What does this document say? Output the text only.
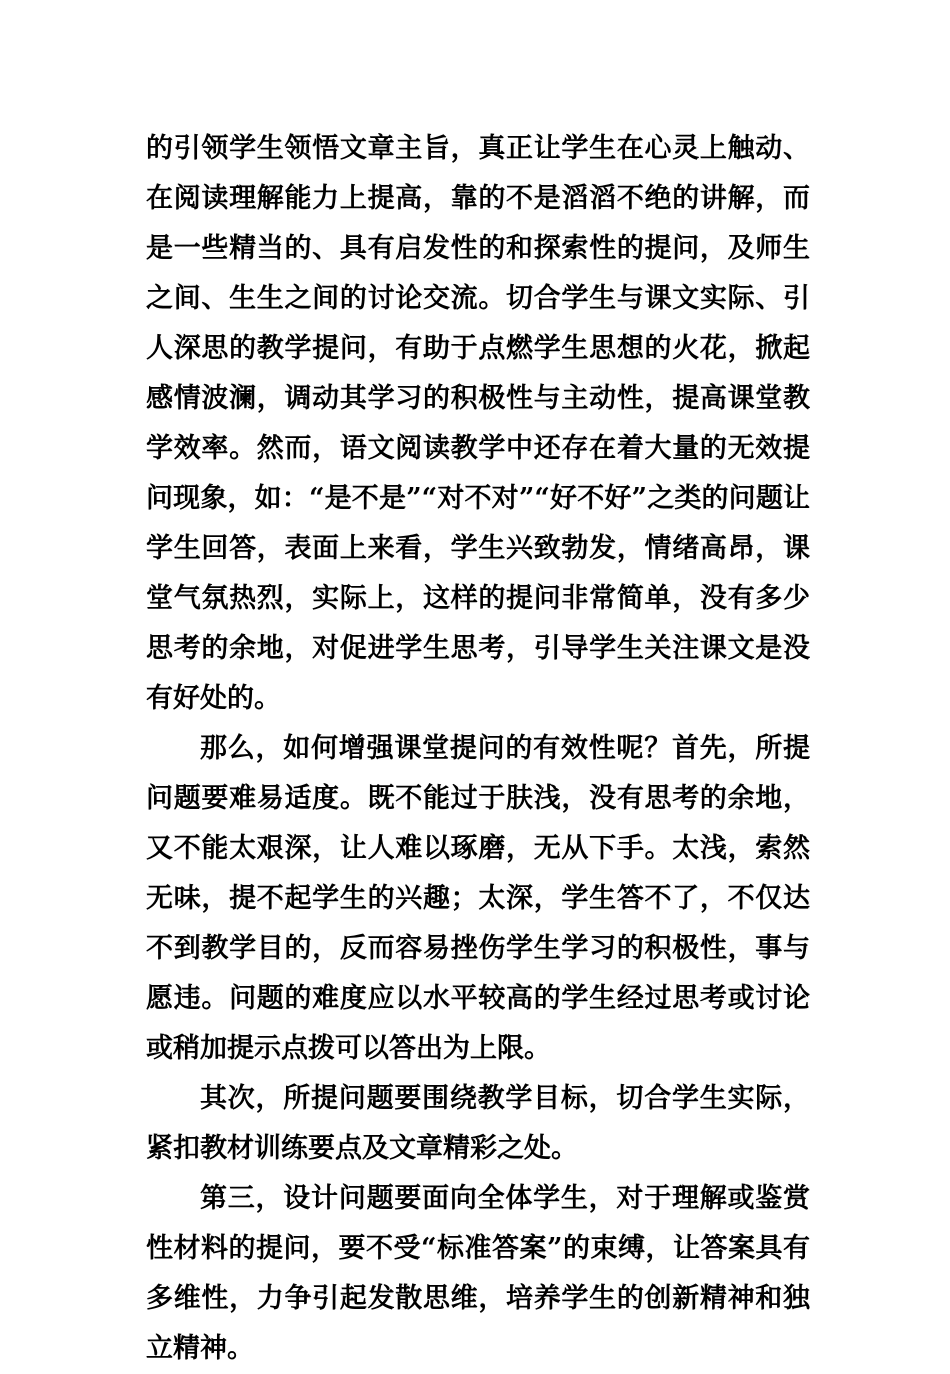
的引领学生领悟文章主旨，真正让学生在心灵上触动、在阅读理解能力上提高，靠的不是滔滔不绝的讲解，而是一些精当的、具有启发性的和探索性的提问，及师生之间、生生之间的讨论交流。切合学生与课文实际、引人深思的教学提问，有助于点燃学生思想的火花，掀起感情波澜，调动其学习的积极性与主动性，提高课堂教学效率。然而，语文阅读教学中还存在着大量的无效提问现象，如：“是不是”“对不对”“好不好”之类的问题让学生回答，表面上来看，学生兴致勃发，情绪高昂，课堂气氛热烈，实际上，这样的提问非常简单，没有多少思考的余地，对促进学生思考，引导学生关注课文是没有好处的。

那么，如何增强课堂提问的有效性呢？首先，所提问题要难易适度。既不能过于肤浅，没有思考的余地，又不能太艰深，让人难以琢磨，无从下手。太浅，索然无味，提不起学生的兴趣；太深，学生答不了，不仅达不到教学目的，反而容易挫伤学生学习的积极性，事与愿违。问题的难度应以水平较高的学生经过思考或讨论或稍加提示点拨可以答出为上限。

其次，所提问题要围绕教学目标，切合学生实际，紧扣教材训练要点及文章精彩之处。

第三，设计问题要面向全体学生，对于理解或鉴赏性材料的提问，要不受“标准答案”的束缚，让答案具有多维性，力争引起发散思维，培养学生的创新精神和独立精神。
